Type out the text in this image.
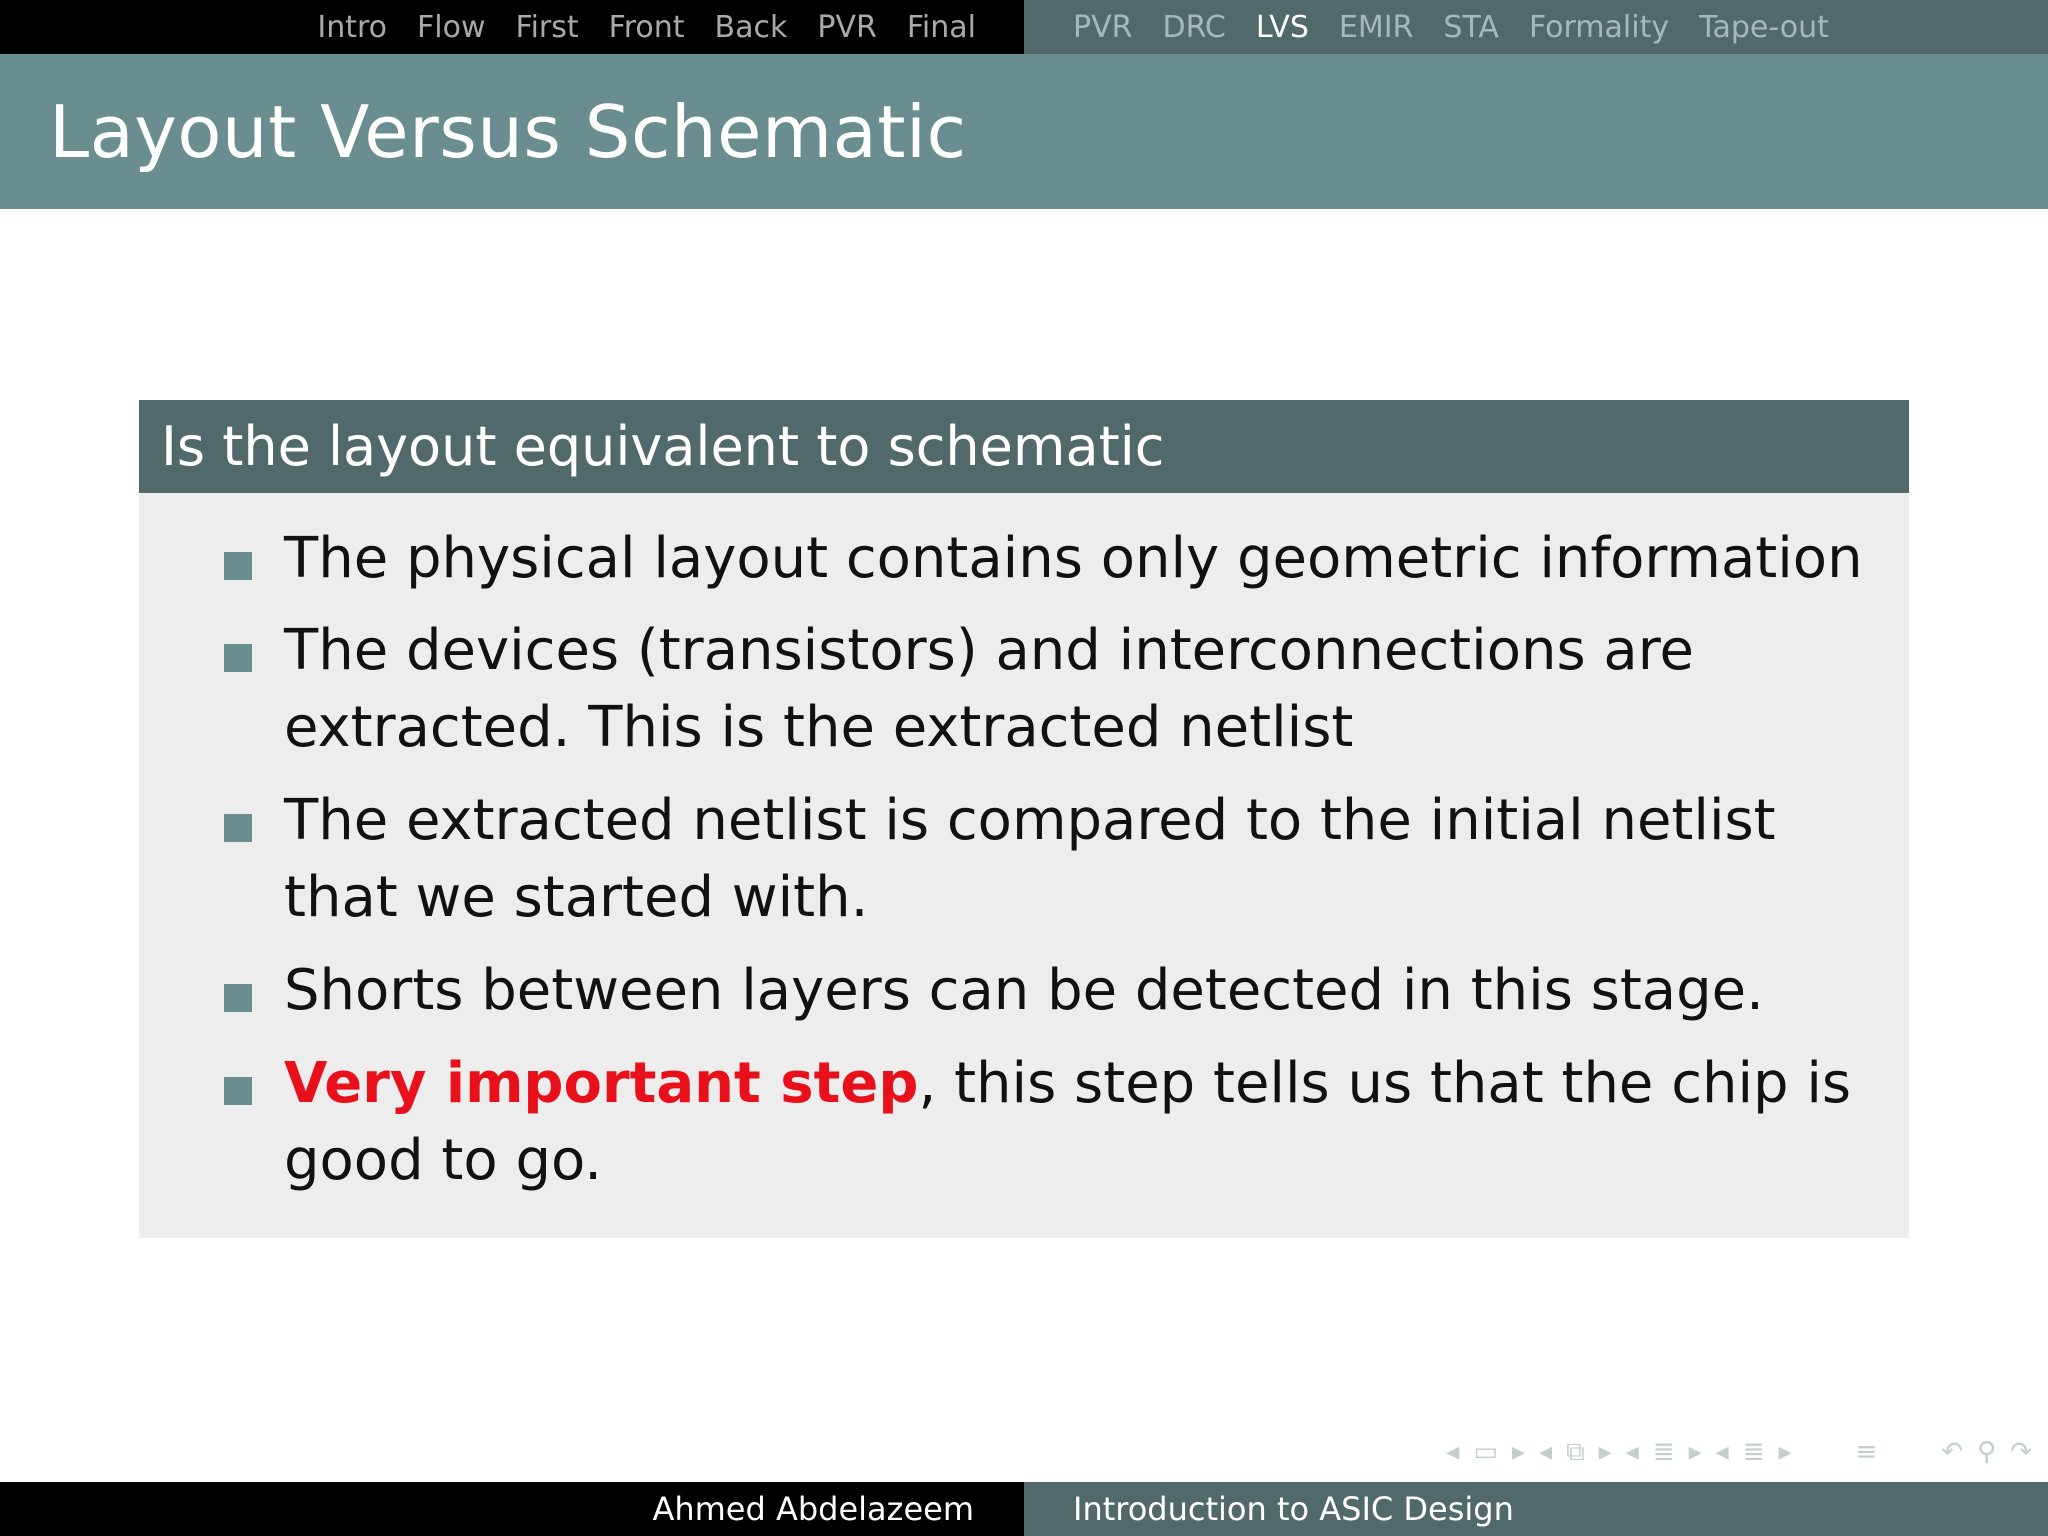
Intro Flow First Front Back PVR Final	PVR DRC LVS EMIR STA Formality Tape-out
Layout Versus Schematic
Is the layout equivalent to schematic
The physical layout contains only geometric information
The devices (transistors) and interconnections are extracted. This is the extracted netlist
The extracted netlist is compared to the initial netlist that we started with.
Shorts between layers can be detected in this stage.
Very important step, this step tells us that the chip is good to go.
◂ ▭ ▸ ◂ ⧉ ▸ ◂ ≣ ▸ ◂ ≣ ▸ ≡ ↶ ⚲ ↷
Ahmed Abdelazeem	Introduction to ASIC Design
